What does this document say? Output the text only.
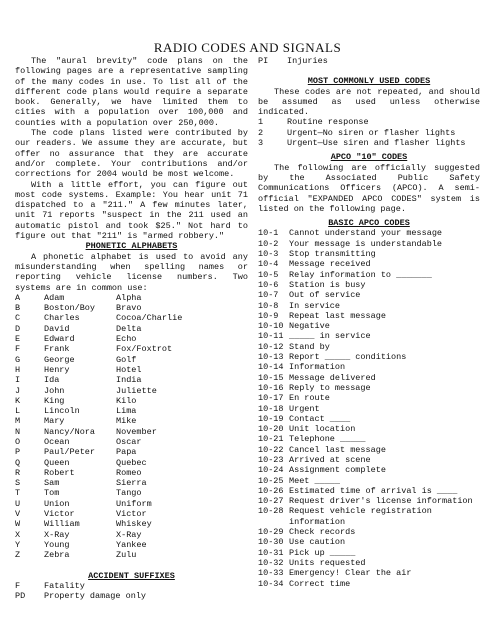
RADIO CODES AND SIGNALS

The "aural brevity" code plans on the following pages are a representative sampling of the many codes in use. To list all of the different code plans would require a separate book. Generally, we have limited them to cities with a population over 100,000 and counties with a population over 250,000.

The code plans listed were contributed by our readers. We assume they are accurate, but offer no assurance that they are accurate and/or complete. Your contributions and/or corrections for 2004 would be most welcome.

With a little effort, you can figure out most code systems. Example: You hear unit 71 dispatched to a "211." A few minutes later, unit 71 reports "suspect in the 211 used an automatic pistol and took $25." Not hard to figure out that "211" is "armed robbery."

PHONETIC ALPHABETS

A phonetic alphabet is used to avoid any misunderstanding when spelling names or reporting vehicle license numbers. Two systems are in common use:

A	Adam	Alpha
B	Boston/Boy	Bravo
C	Charles	Cocoa/Charlie
D	David	Delta
E	Edward	Echo
F	Frank	Fox/Foxtrot
G	George	Golf
H	Henry	Hotel
I	Ida	India
J	John	Juliette
K	King	Kilo
L	Lincoln	Lima
M	Mary	Mike
N	Nancy/Nora	November
O	Ocean	Oscar
P	Paul/Peter	Papa
Q	Queen	Quebec
R	Robert	Romeo
S	Sam	Sierra
T	Tom	Tango
U	Union	Uniform
V	Victor	Victor
W	William	Whiskey
X	X-Ray	X-Ray
Y	Young	Yankee
Z	Zebra	Zulu
ACCIDENT SUFFIXES
F	Fatality
PD	Property damage only
PI	Injuries
MOST COMMONLY USED CODES

These codes are not repeated, and should be assumed as used unless otherwise indicated.

1	Routine response
2	Urgent—No siren or flasher lights
3	Urgent—Use siren and flasher lights
APCO "10" CODES

The following are officially suggested by the Associated Public Safety Communications Officers (APCO). A semi-official "EXPANDED APCO CODES" system is listed on the following page.

BASIC APCO CODES
10-1	Cannot understand your message
10-2	Your message is understandable
10-3	Stop transmitting
10-4	Message received
10-5	Relay information to _______
10-6	Station is busy
10-7	Out of service
10-8	In service
10-9	Repeat last message
10-10 Negative
10-11 _____ in service
10-12 Stand by
10-13 Report _____ conditions
10-14 Information
10-15 Message delivered
10-16 Reply to message
10-17 En route
10-18 Urgent
10-19 Contact ____
10-20 Unit location
10-21 Telephone _____
10-22 Cancel last message
10-23 Arrived at scene
10-24 Assignment complete
10-25 Meet _____
10-26 Estimated time of arrival is ____
10-27 Request driver's license information
10-28 Request vehicle registration
information
10-29 Check records
10-30 Use caution
10-31 Pick up _____
10-32 Units requested
10-33 Emergency! Clear the air
10-34 Correct time
